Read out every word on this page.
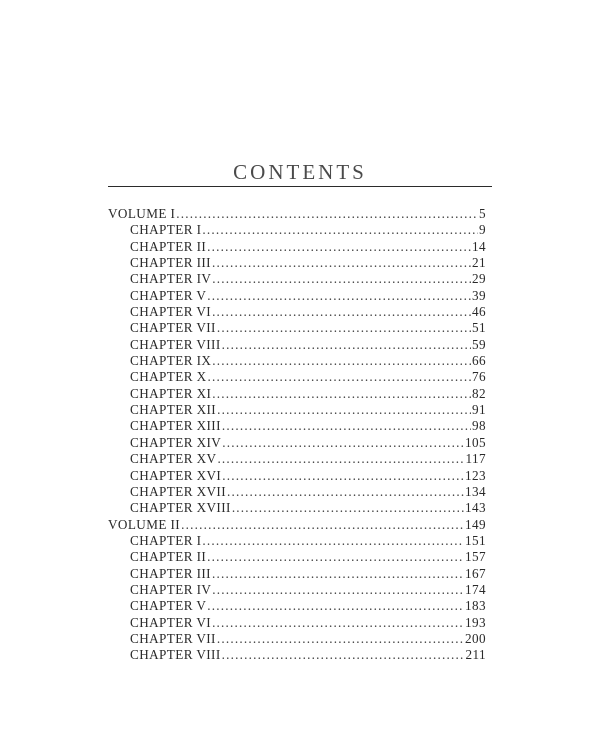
CONTENTS
VOLUME I .....	5
CHAPTER I .....	9
CHAPTER II .....	14
CHAPTER III .....	21
CHAPTER IV .....	29
CHAPTER V .....	39
CHAPTER VI .....	46
CHAPTER VII .....	51
CHAPTER VIII .....	59
CHAPTER IX .....	66
CHAPTER X .....	76
CHAPTER XI .....	82
CHAPTER XII .....	91
CHAPTER XIII .....	98
CHAPTER XIV .....	105
CHAPTER XV .....	117
CHAPTER XVI .....	123
CHAPTER XVII .....	134
CHAPTER XVIII .....	143
VOLUME II .....	149
CHAPTER I .....	151
CHAPTER II .....	157
CHAPTER III .....	167
CHAPTER IV .....	174
CHAPTER V .....	183
CHAPTER VI .....	193
CHAPTER VII .....	200
CHAPTER VIII .....	211
